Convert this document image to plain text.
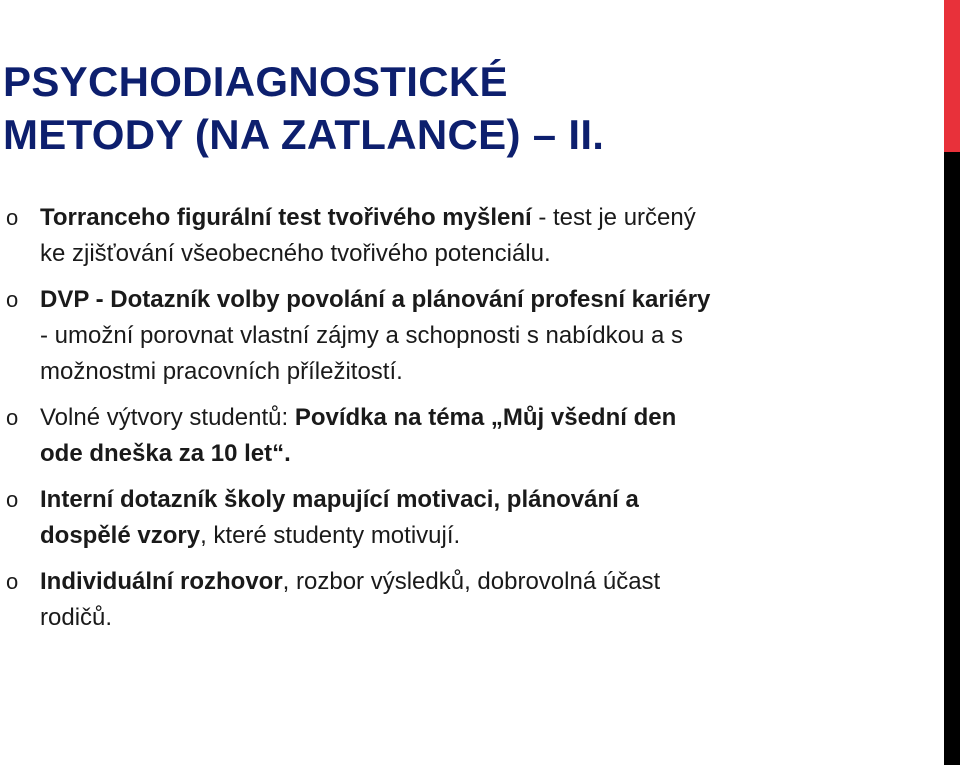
PSYCHODIAGNOSTICKÉ
METODY (NA ZATLANCE) – II.
o Torranceho figurální test tvořivého myšlení - test je určený
ke zjišťování všeobecného tvořivého potenciálu.
o DVP - Dotazník volby povolání a plánování profesní kariéry
- umožní porovnat vlastní zájmy a schopnosti s nabídkou a s
možnostmi pracovních příležitostí.
o Volné výtvory studentů: Povídka na téma „Můj všední den
ode dneška za 10 let“.
o Interní dotazník školy mapující motivaci, plánování a
dospělé vzory, které studenty motivují.
o Individuální rozhovor, rozbor výsledků, dobrovolná účast
rodičů.
